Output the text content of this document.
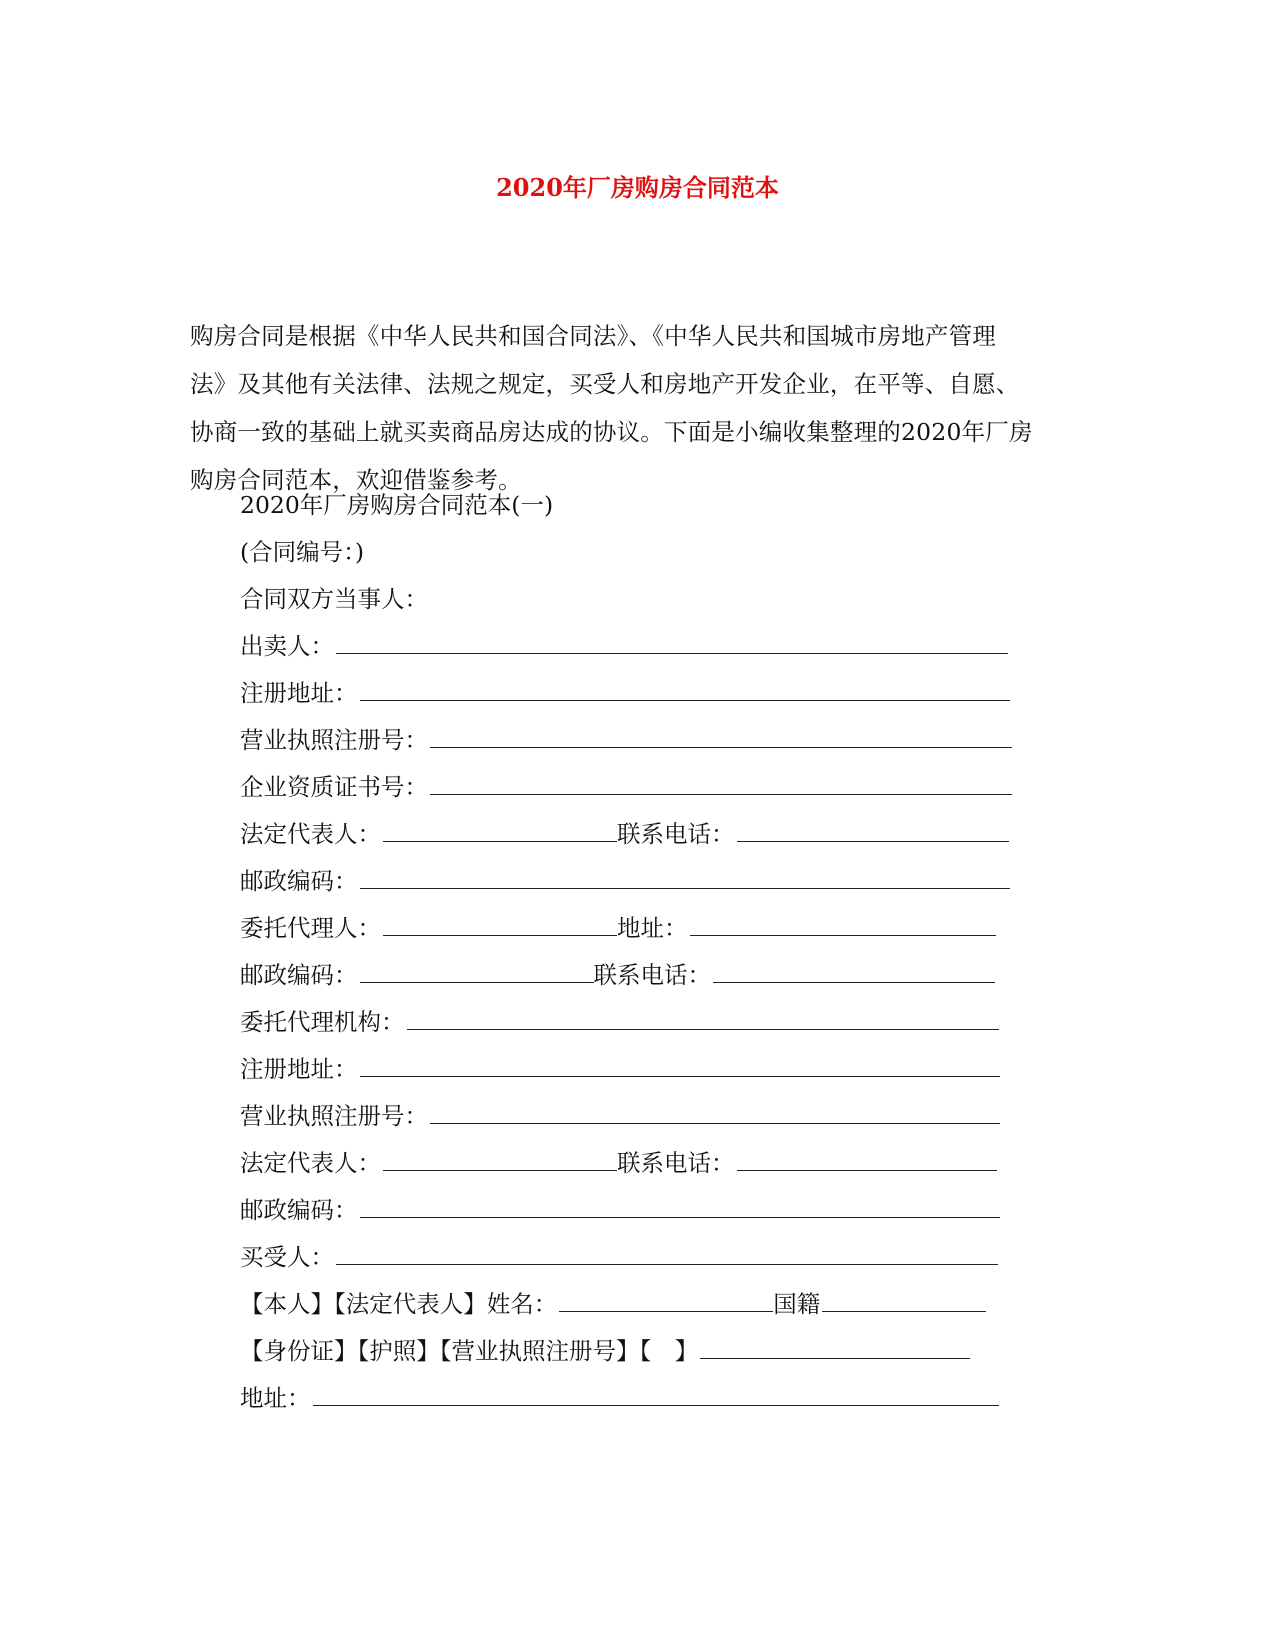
2020年厂房购房合同范本
购房合同是根据《中华人民共和国合同法》、《中华人民共和国城市房地产管理
法》及其他有关法律、法规之规定，买受人和房地产开发企业，在平等、自愿、
协商一致的基础上就买卖商品房达成的协议。下面是小编收集整理的2020年厂房
购房合同范本，欢迎借鉴参考。
2020年厂房购房合同范本(一)
(合同编号：)
合同双方当事人：
出卖人：
注册地址：
营业执照注册号：
企业资质证书号：
法定代表人：	联系电话：
邮政编码：
委托代理人：	地址：
邮政编码：	联系电话：
委托代理机构：
注册地址：
营业执照注册号：
法定代表人：	联系电话：
邮政编码：
买受人：
【本人】【法定代表人】姓名：	国籍
【身份证】【护照】【营业执照注册号】【　】
地址：
